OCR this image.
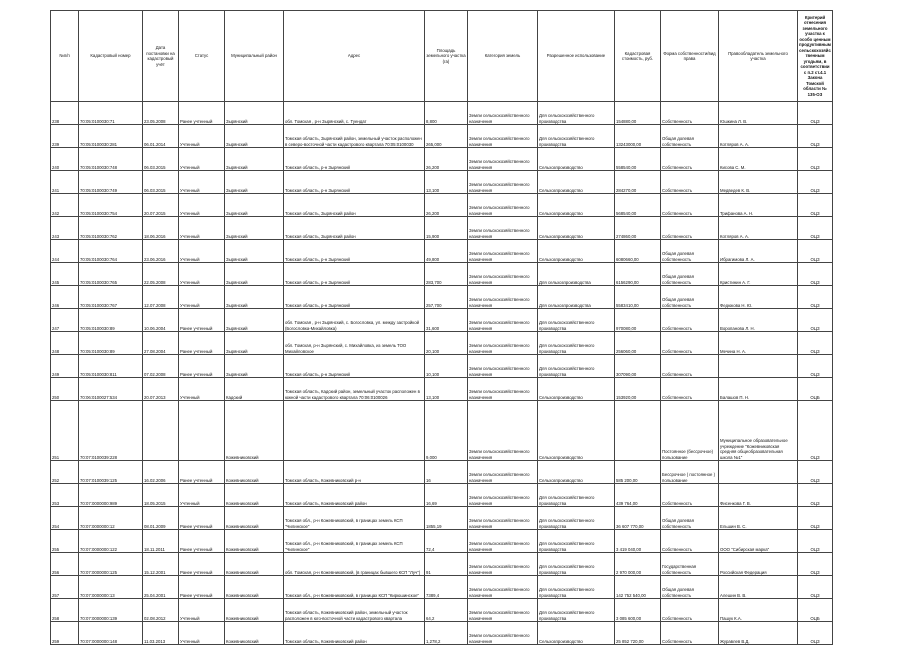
№п/п	Кадастровый номер	Дата постановки на кадастровый учёт	Статус	Муниципальный район	Адрес	Площадь земельного участка (га)	Категория земель	Разрешенное использование	Кадастровая стоимость, руб.	Форма собственности/вид права	Правообладатель земельного участка	Критерий отнесения земельного участка к особо ценным продуктивным сельскохозяйственным угодьям, в соответствии с п.2 ст.4.1 Закона Томской области № 135-ОЗ
238	70:05:0100030:71	23.05.2008	Ранее учтенный	Зырянский	обл. Томская , р-н Зырянский, с. Туендат	8,800	Земли сельскохозяйственного назначения	Для сельскохозяйственного производства	154880,00	Собственность	Юшкина Л. В.	ОЦЗ
239	70:05:0100030:281	06.01.2014	Учтенный	Зырянский	Томская область, Зырянский район, земельный участок расположен в северо-восточной части кадастрового квартала 70:05:0100030	265,000	Земли сельскохозяйственного назначения	Для сельскохозяйственного производства	13243000,00	Общая долевая собственность	Котляров А. А.	ОЦЗ
240	70:05:0100030:748	06.03.2015	Учтенный	Зырянский	Томская область, р-н Зырянский	26,200	Земли сельскохозяйственного назначения	Сельхозпроизводство	558540,00	Собственность	Кисова С. М.	ОЦЗ
241	70:05:0100030:749	06.03.2015	Учтенный	Зырянский	Томская область, р-н Зырянский	13,100	Земли сельскохозяйственного назначения	Сельхозпроизводство	284270,00	Собственность	Медведев К. В.	ОЦЗ
242	70:05:0100030:754	20.07.2015	Учтенный	Зырянский	Томская область, Зырянский район	26,200	Земли сельскохозяйственного назначения	Сельхозпроизводство	568540,00	Собственность	Трифанова А. Н.	ОЦЗ
243	70:05:0100030:762	18.06.2016	Учтенный	Зырянский	Томская область, Зырянский район	15,900	Земли сельскохозяйственного назначения	Сельхозпроизводство	274860,00	Собственность	Котляров А. А.	ОЦЗ
244	70:05:0100030:764	23.06.2016	Учтенный	Зырянский	Томская область, р-н Зырянский	49,800	Земли сельскохозяйственного назначения	Сельхозпроизводство	6080660,00	Общая долевая собственность	Ибрагимова Л. А.	ОЦЗ
245	70:05:0100030:765	22.05.2008	Учтенный	Зырянский	Томская область, р-н Зырянский	283,700	Земли сельскохозяйственного назначения	Для сельхозпроизводства	6156290,00	Общая долевая собственность	Кристинин А. Г.	ОЦЗ
246	70:05:0100030:767	12.07.2008	Учтенный	Зырянский	Томская область, р-н Зырянский	257,700	Земли сельскохозяйственного назначения	Для сельхозпроизводства	5583410,00	Общая долевая собственность	Федюкова Н. Ю.	ОЦЗ
247	70:05:0100030:89	10.06.2004	Ранее учтенный	Зырянский	обл. Томская , р-н Зырянский, с. Богословка, ул. между застройкой (Богословка-Михайловка)	31,600	Земли сельскохозяйственного назначения	Для сельскохозяйственного производства	970080,00	Собственность	Воропанова Л. Н.	ОЦЗ
248	70:05:0100030:89	27.08.2004	Ранее учтенный	Зырянский	обл. Томская, р-н Зырянский, с. Михайловка, из земель ТОО Михайловское	20,100	Земли сельскохозяйственного назначения	Для сельскохозяйственного производства	256060,00	Собственность	Мечина Н. А.	ОЦЗ
249	70:05:0100030:811	07.02.2008	Ранее учтенный	Зырянский	Томская область, р-н Зырянский	10,100	Земли сельскохозяйственного назначения	Для сельскохозяйственного производства	307090,00	Собственность		ОЦЗ
250	70:06:0100027:534	20.07.2013	Учтенный	Кадский	Томская область, Кадский район, земельный участок расположен в южной части кадастрового квартала 70:06:0100026	13,100	Земли сельскохозяйственного назначения	Сельхозпроизводство	153920,00	Собственность	Балашов П. Н.	ОЦБ
251	70:07:0100039:228			Кожевниковский		9,000	Земли сельскохозяйственного назначения	Сельхозпроизводство		Постоянное (бессрочное) пользование	Муниципальное образовательное учреждение "Кожевниковская средняя общеобразовательная школа №1"	ОЦЗ
252	70:07:0100039:125	16.02.2006	Ранее учтенный	Кожевниковский	Томская область, Кожевниковский р-н	16	Земли сельскохозяйственного назначения	Сельхозпроизводство	585 200,00	Бессрочное ( постоянное ) пользование		ОЦЗ
253	70:07:0000000:989	18.05.2015	Учтенный	Кожевниковский	Томская область, Кожевниковский район	16,69	Земли сельскохозяйственного назначения	Для сельскохозяйственного производства	439 764,00	Собственность	Фисенкова Г. В.	ОЦЗ
254	70:07:0000000:12	08.01.2009	Ранее учтенный	Кожевниковский	Томская обл., р-н Кожевниковский, в границах земель КСП "Чилинское"	1855,19	Земли сельскохозяйственного назначения	Для сельскохозяйственного производства	36 607 770,00	Общая долевая собственность	Ельшин В. С.	ОЦЗ
255	70:07:0000000:122	18.11.2011	Ранее учтенный	Кожевниковский	Томская обл., р-н Кожевниковский, в границах земель КСП "Чилинское"	72,4	Земли сельскохозяйственного назначения	Для сельскохозяйственного производства	3 419 040,00	Собственность	ООО "Сибирская марка"	ОЦЗ
256	70:07:0000000:125	15.12.2001	Ранее учтенный	Кожевниковский	обл. Томская, р-н Кожевниковский, (в границах бывшего КСП "Луч")	91	Земли сельскохозяйственного назначения	Для сельскохозяйственного производства	2 970 000,00	Государственная собственность	Российская Федерация	ОЦЗ
257	70:07:0000000:13	25.04.2001	Ранее учтенный	Кожевниковский	Томская обл., р-н Кожевниковский, в границах КСП "Кирюшинское"	7389,4	Земли сельскохозяйственного назначения	Для сельскохозяйственного производства	142 752 540,00	Общая долевая собственность	Алешин В. В.	ОЦЗ
258	70:07:0000000:139	02.08.2012	Учтенный	Кожевниковский	Томская область, Кожевниковский район, земельный участок расположен в юго-восточной части кадастрового квартала	64,2	Земли сельскохозяйственного назначения	Для сельскохозяйственного производства	3 085 600,00	Собственность	Пашук К.А.	ОЦБ
259	70:07:0000000:148	11.03.2013	Учтенный	Кожевниковский	Томская область, Кожевниковский район	1,278,2	Земли сельскохозяйственного назначения	Сельхозпроизводство	25 852 720,00	Собственность	Журавлев В.Д.	ОЦЗ
